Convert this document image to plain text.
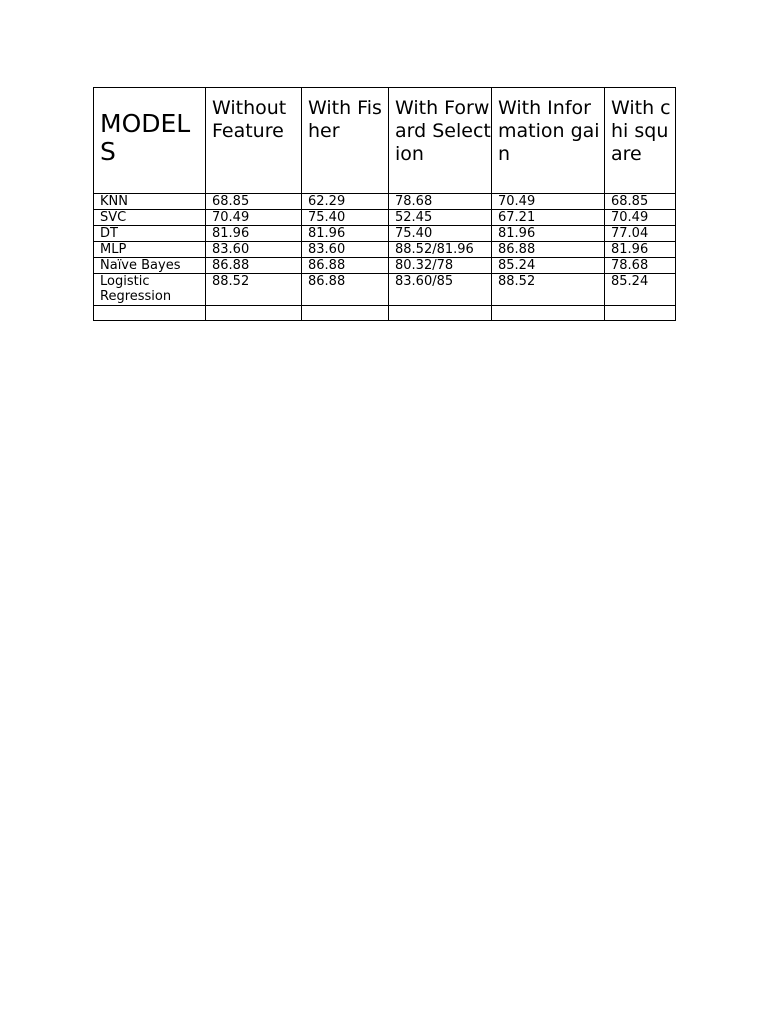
MODELS	Without Feature	With Fisher	With Forward Selection	With Information gain	With chi square
KNN	68.85	62.29	78.68	70.49	68.85
SVC	70.49	75.40	52.45	67.21	70.49
DT	81.96	81.96	75.40	81.96	77.04
MLP	83.60	83.60	88.52/81.96	86.88	81.96
Naïve Bayes	86.88	86.88	80.32/78	85.24	78.68
Logistic Regression	88.52	86.88	83.60/85	88.52	85.24
